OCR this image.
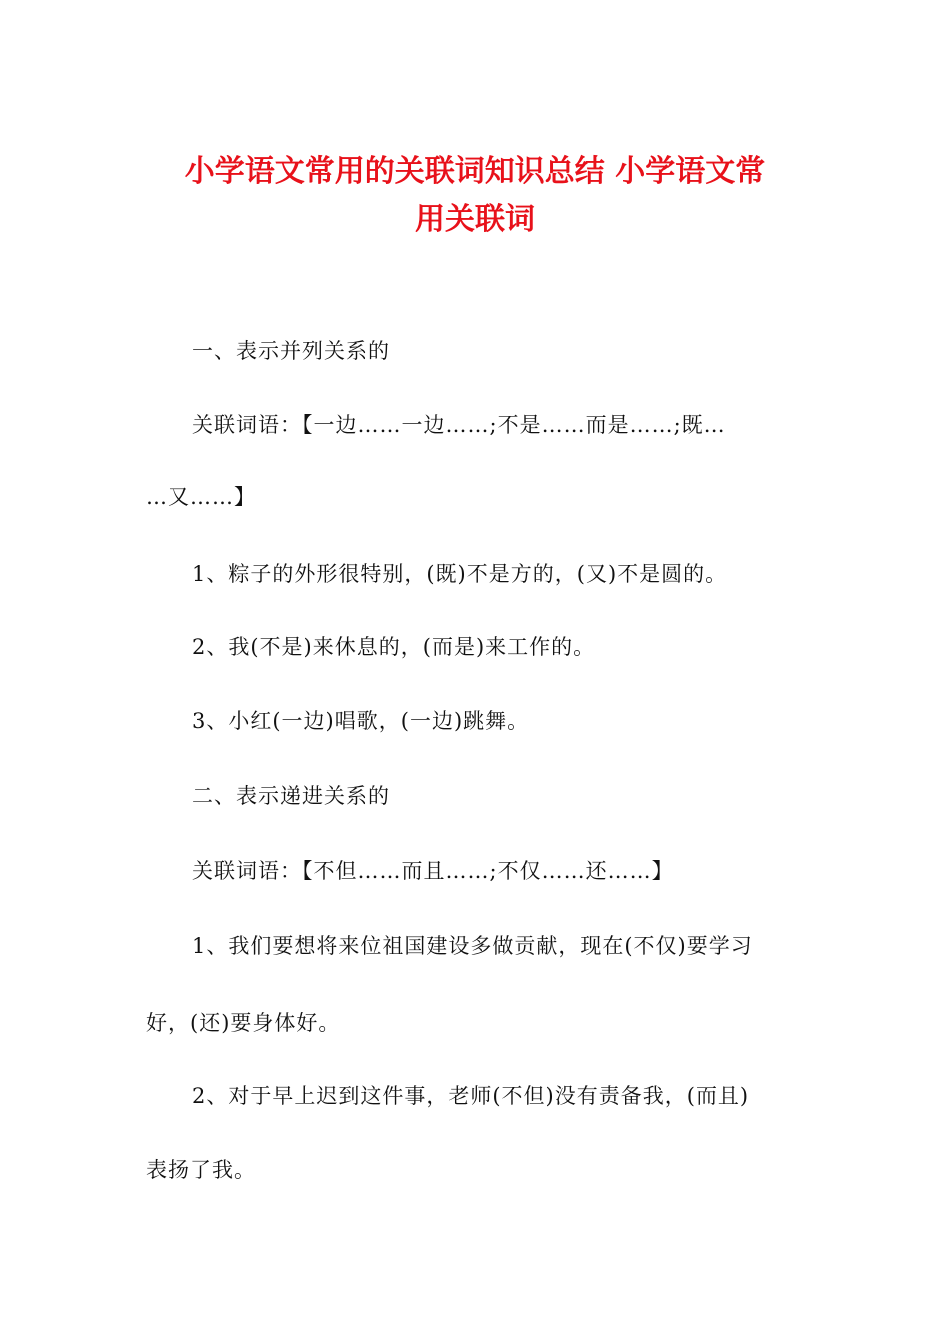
小学语文常用的关联词知识总结 小学语文常
用关联词

一、表示并列关系的

关联词语：【一边……一边……;不是……而是……;既…

…又……】

1、粽子的外形很特别，(既)不是方的，(又)不是圆的。

2、我(不是)来休息的，(而是)来工作的。

3、小红(一边)唱歌，(一边)跳舞。

二、表示递进关系的

关联词语：【不但……而且……;不仅……还……】

1、我们要想将来位祖国建设多做贡献，现在(不仅)要学习

好，(还)要身体好。

2、对于早上迟到这件事，老师(不但)没有责备我，(而且)

表扬了我。
